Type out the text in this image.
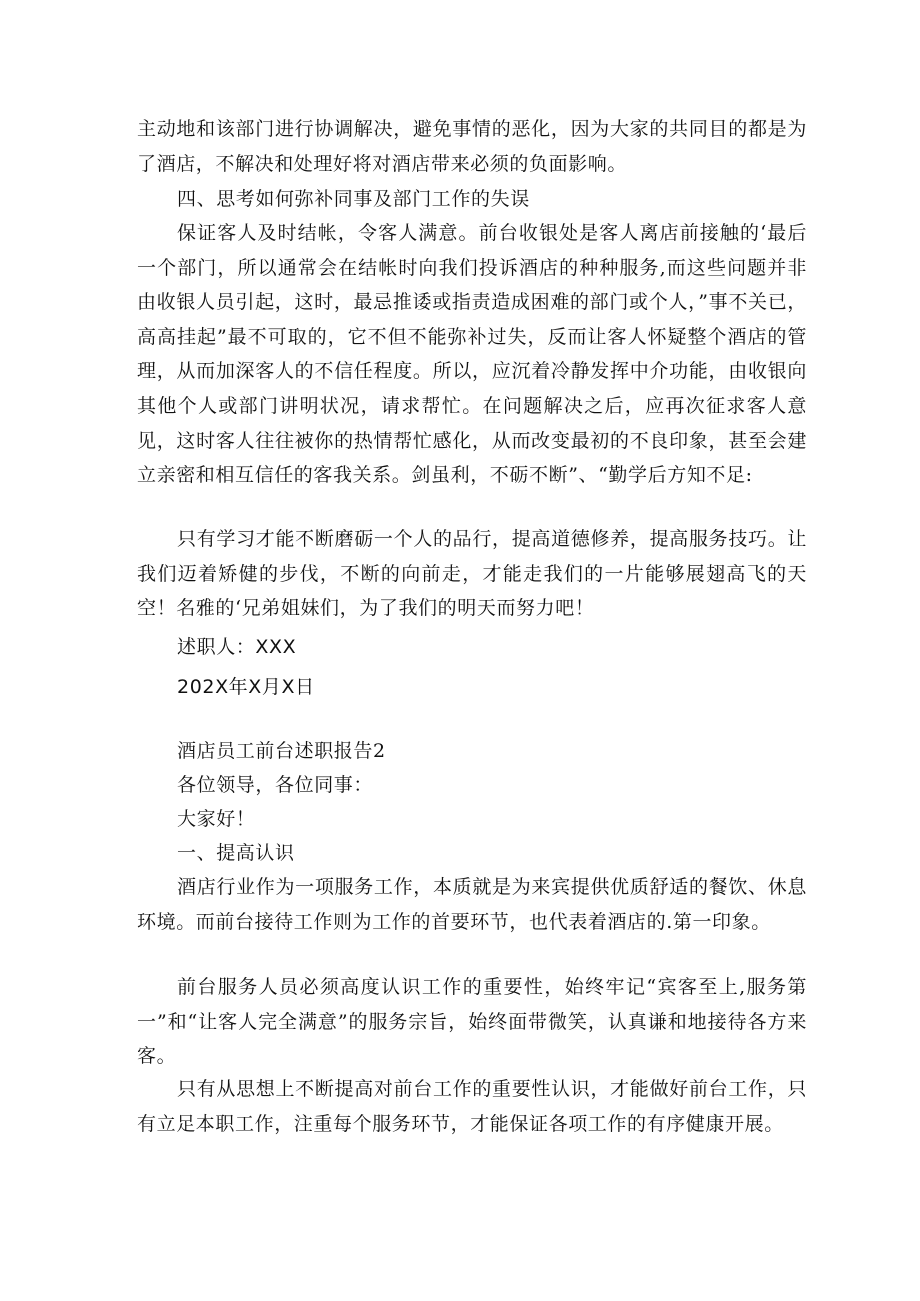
主动地和该部门进行协调解决，避免事情的恶化，因为大家的共同目的都是为了酒店，不解决和处理好将对酒店带来必须的负面影响。

四、思考如何弥补同事及部门工作的失误

保证客人及时结帐，令客人满意。前台收银处是客人离店前接触的‘最后一个部门，所以通常会在结帐时向我们投诉酒店的种种服务,而这些问题并非由收银人员引起，这时，最忌推诿或指责造成困难的部门或个人，”事不关已，高高挂起”最不可取的，它不但不能弥补过失，反而让客人怀疑整个酒店的管理，从而加深客人的不信任程度。所以，应沉着冷静发挥中介功能，由收银向其他个人或部门讲明状况，请求帮忙。在问题解决之后，应再次征求客人意见，这时客人往往被你的热情帮忙感化，从而改变最初的不良印象，甚至会建立亲密和相互信任的客我关系。剑虽利，不砺不断”、“勤学后方知不足:

只有学习才能不断磨砺一个人的品行，提高道德修养，提高服务技巧。让我们迈着矫健的步伐，不断的向前走，才能走我们的一片能够展翅高飞的天空！名雅的‘兄弟姐妹们，为了我们的明天而努力吧！

述职人：XXX

202X年X月X日

酒店员工前台述职报告2

各位领导，各位同事：

大家好！

一、提高认识

酒店行业作为一项服务工作，本质就是为来宾提供优质舒适的餐饮、休息环境。而前台接待工作则为工作的首要环节，也代表着酒店的.第一印象。

前台服务人员必须高度认识工作的重要性，始终牢记“宾客至上,服务第一”和“让客人完全满意”的服务宗旨，始终面带微笑，认真谦和地接待各方来客。

只有从思想上不断提高对前台工作的重要性认识，才能做好前台工作，只有立足本职工作，注重每个服务环节，才能保证各项工作的有序健康开展。
